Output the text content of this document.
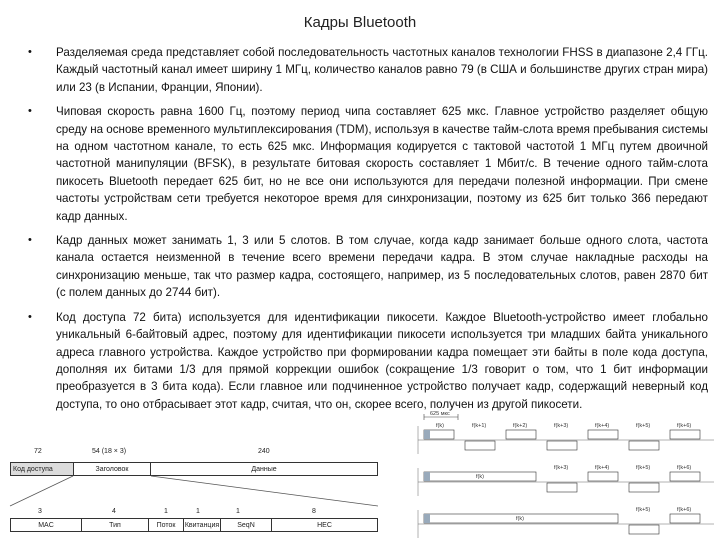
Кадры Bluetooth
• Разделяемая среда представляет собой последовательность частотных каналов технологии FHSS в диапазоне 2,4 ГГц. Каждый частотный канал имеет ширину 1 МГц, количество каналов равно 79 (в США и большинстве других стран мира) или 23 (в Испании, Франции, Японии).
• Чиповая скорость равна 1600 Гц, поэтому период чипа составляет 625 мкс. Главное устройство разделяет общую среду на основе временного мультиплексирования (TDM), используя в качестве тайм-слота время пребывания системы на одном частотном канале, то есть 625 мкс. Информация кодируется с тактовой частотой 1 МГц путем двоичной частотной манипуляции (BFSK), в результате битовая скорость составляет 1 Мбит/с. В течение одного тайм-слота пикосеть Bluetooth передает 625 бит, но не все они используются для передачи полезной информации. При смене частоты устройствам сети требуется некоторое время для синхронизации, поэтому из 625 бит только 366 передают кадр данных.
• Кадр данных может занимать 1, 3 или 5 слотов. В том случае, когда кадр занимает больше одного слота, частота канала остается неизменной в течение всего времени передачи кадра. В этом случае накладные расходы на синхронизацию меньше, так что размер кадра, состоящего, например, из 5 последовательных слотов, равен 2870 бит (с полем данных до 2744 бит).
• Код доступа 72 бита) используется для идентификации пикосети. Каждое Bluetooth-устройство имеет глобально уникальный 6-байтовый адрес, поэтому для идентификации пикосети используется три младших байта уникального адреса главного устройства. Каждое устройство при формировании кадра помещает эти байты в поле кода доступа, дополняя их битами 1/3 для прямой коррекции ошибок (сокращение 1/3 говорит о том, что 1 бит информации преобразуется в 3 бита кода). Если главное или подчиненное устройство получает кадр, содержащий неверный код доступа, то оно отбрасывает этот кадр, считая, что он, скорее всего, получен из другой пикосети.
72	54 (18 × 3)	240
Код доступа	Заголовок	Данные
3	4	1	1	1	8
MAC	Тип	Поток	Квитанция	SeqN	HEC
625 мкс
f(k)	f(k+1)	f(k+2)	f(k+3)	f(k+4)	f(k+5)	f(k+6)
f(k)
f(k+3)	f(k+4)	f(k+5)	f(k+6)
f(k)
f(k+5)	f(k+6)
